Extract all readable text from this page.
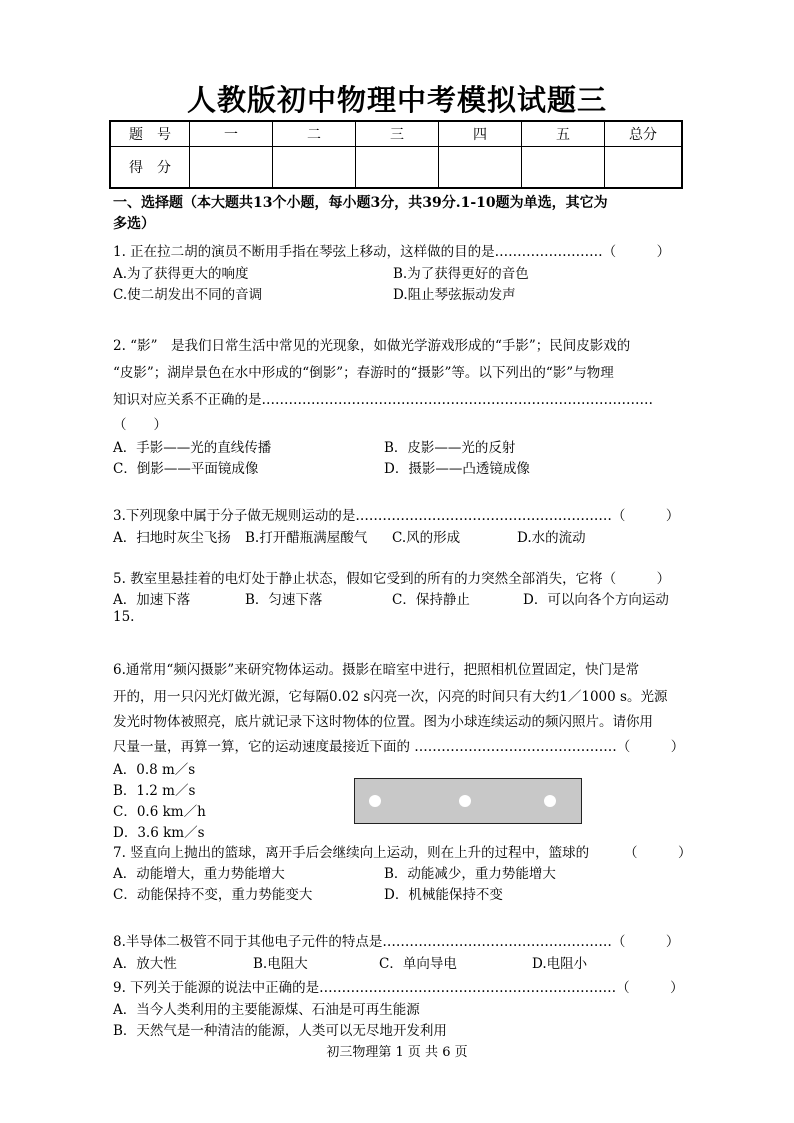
人教版初中物理中考模拟试题三
题　号	一	二	三	四	五	总分
得　分						
一、选择题（本大题共13个小题，每小题3分，共39分.1-10题为单选，其它为
多选）
1. 正在拉二胡的演员不断用手指在琴弦上移动，这样做的目的是……………………（　　　）
A.为了获得更大的响度	B.为了获得更好的音色
C.使二胡发出不同的音调	D.阻止琴弦振动发声
2. “影”　是我们日常生活中常见的光现象，如做光学游戏形成的“手影”；民间皮影戏的
“皮影”；湖岸景色在水中形成的“倒影”；春游时的“摄影”等。以下列出的“影”与物理
知识对应关系不正确的是……………………………………………………………………………
（　　）
A．手影——光的直线传播	B．皮影——光的反射
C．倒影——平面镜成像	D．摄影——凸透镜成像
3.下列现象中属于分子做无规则运动的是…………………………………………………（　　　）
A．扫地时灰尘飞扬 B.打开醋瓶满屋酸气 C.风的形成	D.水的流动
5. 教室里悬挂着的电灯处于静止状态，假如它受到的所有的力突然全部消失，它将（　　　）
A．加速下落	B．匀速下落	C．保持静止	D．可以向各个方向运动
15.
6.通常用“频闪摄影”来研究物体运动。摄影在暗室中进行，把照相机位置固定，快门是常
开的，用一只闪光灯做光源，它每隔0.02 s闪亮一次，闪亮的时间只有大约1／1000 s。光源
发光时物体被照亮，底片就记录下这时物体的位置。图为小球连续运动的频闪照片。请你用
尺量一量，再算一算，它的运动速度最接近下面的 ………………………………………（　　　）
A．0.8 m／s
B．1.2 m／s
C．0.6 km／h
D．3.6 km／s
7. 竖直向上抛出的篮球，离开手后会继续向上运动，则在上升的过程中，篮球的	（　　　）
A．动能增大，重力势能增大	B．动能减少，重力势能增大
C．动能保持不变，重力势能变大	D．机械能保持不变
8.半导体二极管不同于其他电子元件的特点是……………………………………………（　　　）
A．放大性	B.电阻大	C．单向导电	D.电阻小
9. 下列关于能源的说法中正确的是…………………………………………………………（　　　）
A．当今人类利用的主要能源煤、石油是可再生能源
B．天然气是一种清洁的能源，人类可以无尽地开发利用
初三物理第 1 页 共 6 页
